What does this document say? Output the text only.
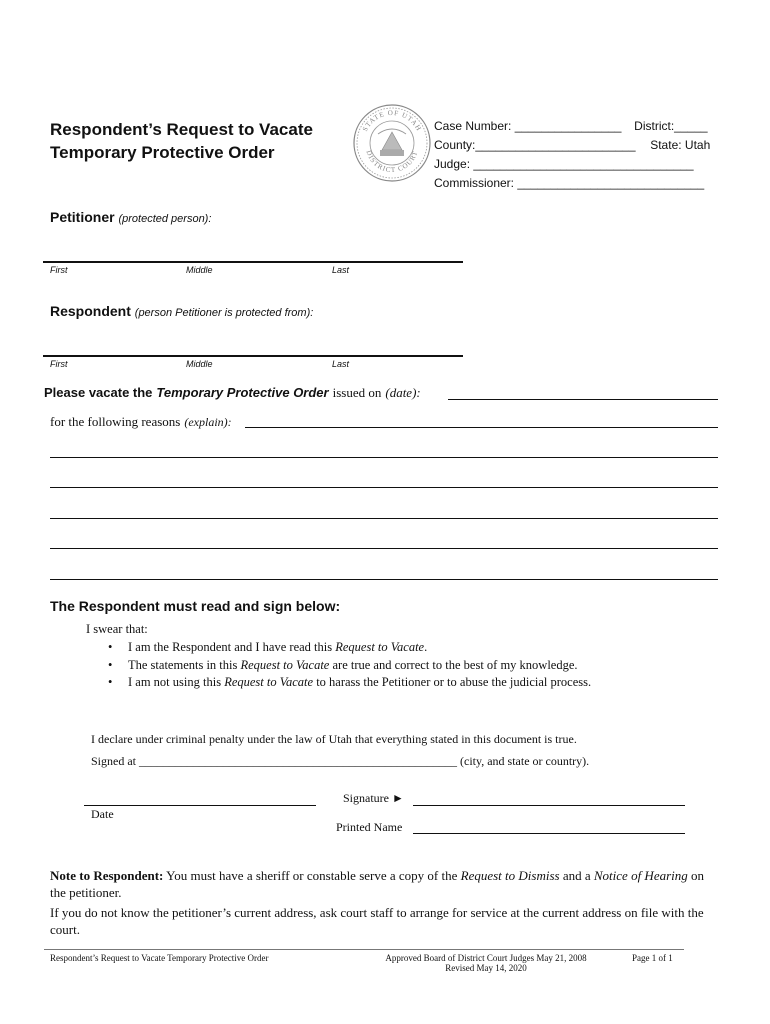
Respondent’s Request to Vacate
Temporary Protective Order
STATE OF UTAH
DISTRICT COURT
Case Number: ________________ District:_____
County:________________________ State: Utah
Judge: _________________________________
Commissioner: ____________________________
Petitioner (protected person):
First	Middle	Last
Respondent (person Petitioner is protected from):
First	Middle	Last
Please vacate the Temporary Protective Order issued on (date):
for the following reasons (explain):
The Respondent must read and sign below:
I swear that:
• I am the Respondent and I have read this Request to Vacate.
• The statements in this Request to Vacate are true and correct to the best of my knowledge.
• I am not using this Request to Vacate to harass the Petitioner or to abuse the judicial process.
I declare under criminal penalty under the law of Utah that everything stated in this document is true.
Signed at _____________________________________________________ (city, and state or country).
Signature ►
Date
Printed Name
Note to Respondent: You must have a sheriff or constable serve a copy of the Request to Dismiss and a Notice of Hearing on the petitioner.
If you do not know the petitioner’s current address, ask court staff to arrange for service at the current address on file with the court.
Respondent’s Request to Vacate Temporary Protective Order	Approved Board of District Court Judges May 21, 2008
Revised May 14, 2020
Page 1 of 1
